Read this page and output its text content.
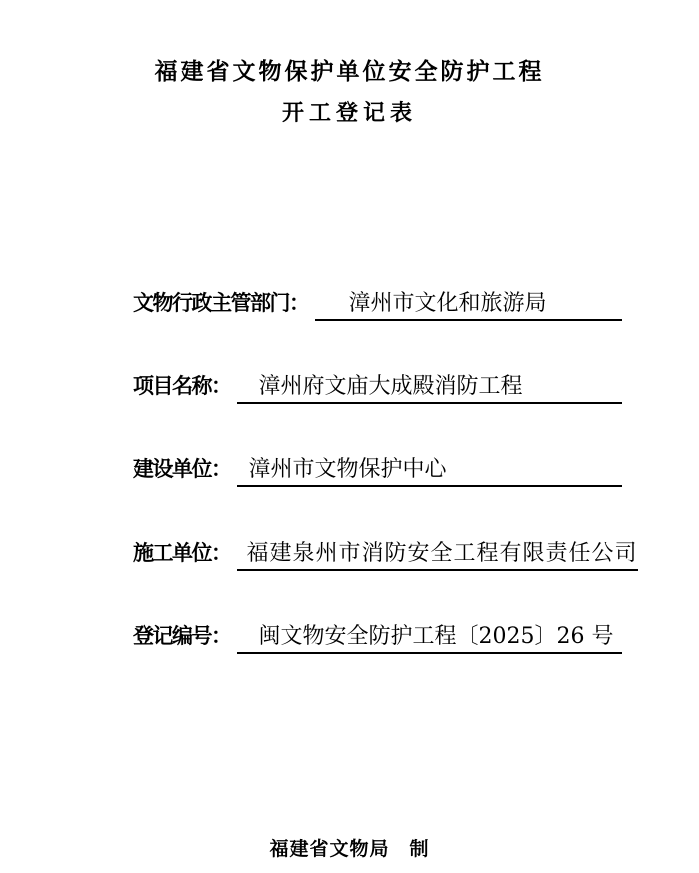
福建省文物保护单位安全防护工程
开工登记表
文物行政主管部门：	漳州市文化和旅游局
项目名称：	漳州府文庙大成殿消防工程
建设单位： 漳州市文物保护中心
施工单位： 福建泉州市消防安全工程有限责任公司
登记编号：	闽文物安全防护工程〔2025〕26 号
福建省文物局　制
